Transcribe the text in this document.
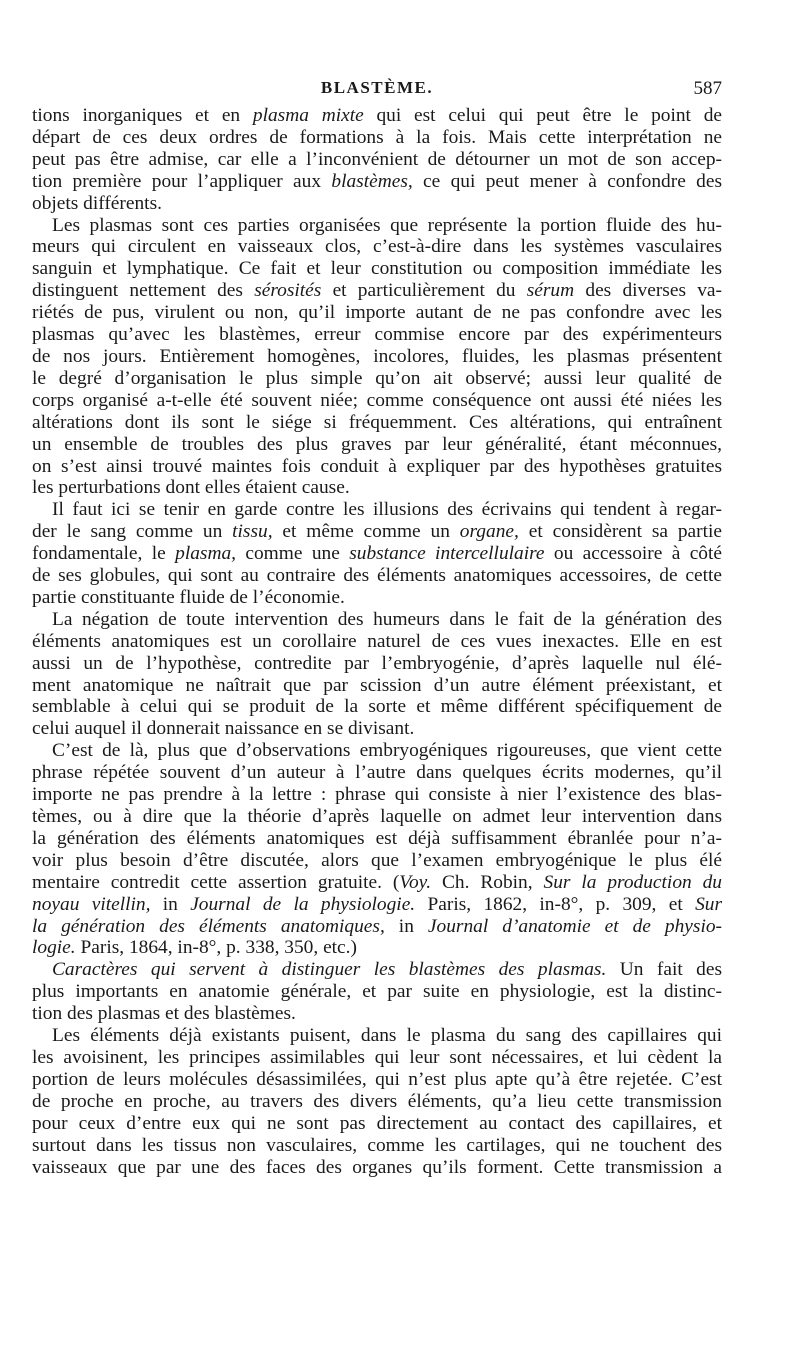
BLASTÈME.	587

tions inorganiques et en plasma mixte qui est celui qui peut être le point de
départ de ces deux ordres de formations à la fois. Mais cette interprétation ne
peut pas être admise, car elle a l’inconvénient de détourner un mot de son accep-
tion première pour l’appliquer aux blastèmes, ce qui peut mener à confondre des
objets différents.

Les plasmas sont ces parties organisées que représente la portion fluide des hu-
meurs qui circulent en vaisseaux clos, c’est-à-dire dans les systèmes vasculaires
sanguin et lymphatique. Ce fait et leur constitution ou composition immédiate les
distinguent nettement des sérosités et particulièrement du sérum des diverses va-
riétés de pus, virulent ou non, qu’il importe autant de ne pas confondre avec les
plasmas qu’avec les blastèmes, erreur commise encore par des expérimenteurs
de nos jours. Entièrement homogènes, incolores, fluides, les plasmas présentent
le degré d’organisation le plus simple qu’on ait observé; aussi leur qualité de
corps organisé a-t-elle été souvent niée; comme conséquence ont aussi été niées les
altérations dont ils sont le siége si fréquemment. Ces altérations, qui entraînent
un ensemble de troubles des plus graves par leur généralité, étant méconnues,
on s’est ainsi trouvé maintes fois conduit à expliquer par des hypothèses gratuites
les perturbations dont elles étaient cause.

Il faut ici se tenir en garde contre les illusions des écrivains qui tendent à regar-
der le sang comme un tissu, et même comme un organe, et considèrent sa partie
fondamentale, le plasma, comme une substance intercellulaire ou accessoire à côté
de ses globules, qui sont au contraire des éléments anatomiques accessoires, de cette
partie constituante fluide de l’économie.

La négation de toute intervention des humeurs dans le fait de la génération des
éléments anatomiques est un corollaire naturel de ces vues inexactes. Elle en est
aussi un de l’hypothèse, contredite par l’embryogénie, d’après laquelle nul élé-
ment anatomique ne naîtrait que par scission d’un autre élément préexistant, et
semblable à celui qui se produit de la sorte et même différent spécifiquement de
celui auquel il donnerait naissance en se divisant.

C’est de là, plus que d’observations embryogéniques rigoureuses, que vient cette
phrase répétée souvent d’un auteur à l’autre dans quelques écrits modernes, qu’il
importe ne pas prendre à la lettre : phrase qui consiste à nier l’existence des blas-
tèmes, ou à dire que la théorie d’après laquelle on admet leur intervention dans
la génération des éléments anatomiques est déjà suffisamment ébranlée pour n’a-
voir plus besoin d’être discutée, alors que l’examen embryogénique le plus élé
mentaire contredit cette assertion gratuite. (Voy. Ch. Robin, Sur la production du
noyau vitellin, in Journal de la physiologie. Paris, 1862, in-8°, p. 309, et Sur
la génération des éléments anatomiques, in Journal d’anatomie et de physio-
logie. Paris, 1864, in-8°, p. 338, 350, etc.)

Caractères qui servent à distinguer les blastèmes des plasmas. Un fait des
plus importants en anatomie générale, et par suite en physiologie, est la distinc-
tion des plasmas et des blastèmes.

Les éléments déjà existants puisent, dans le plasma du sang des capillaires qui
les avoisinent, les principes assimilables qui leur sont nécessaires, et lui cèdent la
portion de leurs molécules désassimilées, qui n’est plus apte qu’à être rejetée. C’est
de proche en proche, au travers des divers éléments, qu’a lieu cette transmission
pour ceux d’entre eux qui ne sont pas directement au contact des capillaires, et
surtout dans les tissus non vasculaires, comme les cartilages, qui ne touchent des
vaisseaux que par une des faces des organes qu’ils forment. Cette transmission a
